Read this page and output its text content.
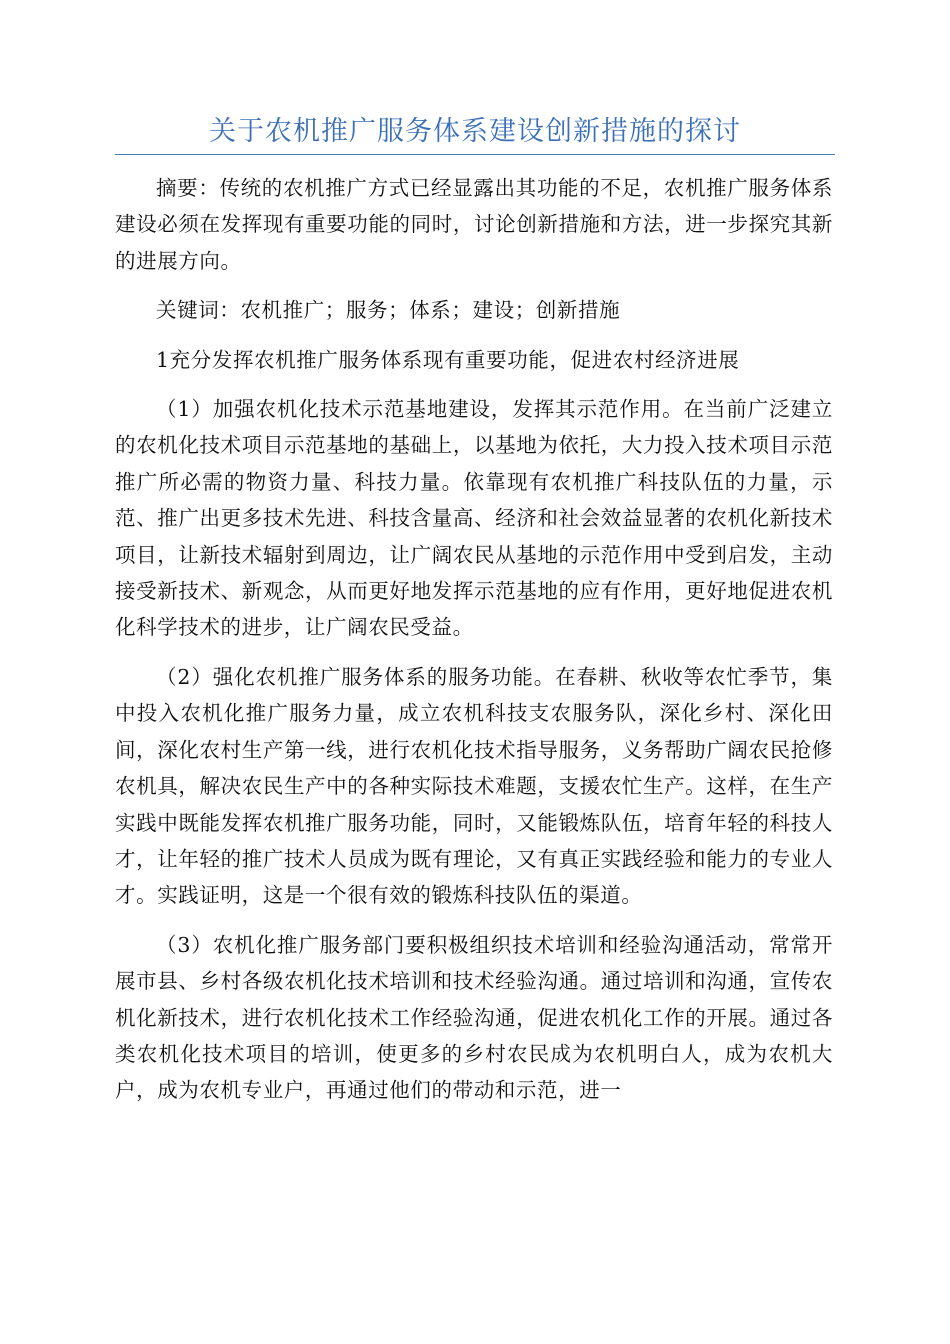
关于农机推广服务体系建设创新措施的探讨

摘要：传统的农机推广方式已经显露出其功能的不足，农机推广服务体系建设必须在发挥现有重要功能的同时，讨论创新措施和方法，进一步探究其新的进展方向。

关键词：农机推广；服务；体系；建设；创新措施

1充分发挥农机推广服务体系现有重要功能，促进农村经济进展

（1）加强农机化技术示范基地建设，发挥其示范作用。在当前广泛建立的农机化技术项目示范基地的基础上，以基地为依托，大力投入技术项目示范推广所必需的物资力量、科技力量。依靠现有农机推广科技队伍的力量，示范、推广出更多技术先进、科技含量高、经济和社会效益显著的农机化新技术项目，让新技术辐射到周边，让广阔农民从基地的示范作用中受到启发，主动接受新技术、新观念，从而更好地发挥示范基地的应有作用，更好地促进农机化科学技术的进步，让广阔农民受益。

（2）强化农机推广服务体系的服务功能。在春耕、秋收等农忙季节，集中投入农机化推广服务力量，成立农机科技支农服务队，深化乡村、深化田间，深化农村生产第一线，进行农机化技术指导服务，义务帮助广阔农民抢修农机具，解决农民生产中的各种实际技术难题，支援农忙生产。这样，在生产实践中既能发挥农机推广服务功能，同时，又能锻炼队伍，培育年轻的科技人才，让年轻的推广技术人员成为既有理论，又有真正实践经验和能力的专业人才。实践证明，这是一个很有效的锻炼科技队伍的渠道。

（3）农机化推广服务部门要积极组织技术培训和经验沟通活动，常常开展市县、乡村各级农机化技术培训和技术经验沟通。通过培训和沟通，宣传农机化新技术，进行农机化技术工作经验沟通，促进农机化工作的开展。通过各类农机化技术项目的培训，使更多的乡村农民成为农机明白人，成为农机大户，成为农机专业户，再通过他们的带动和示范，进一
